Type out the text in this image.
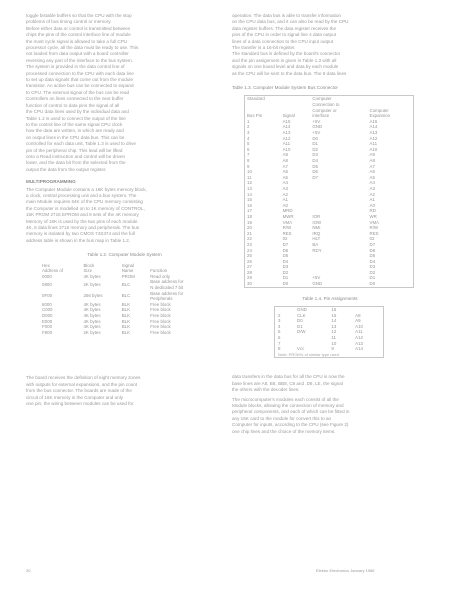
toggle bistable buffers so that the CPU with the stop
problems of bus timing control or memory.
Before either data or control is transmitted between
chips the pins of the control interface line of module
the most cycle signal is allowed to take a full CPU
processor cycle, all the data must be ready to use. This
not loaded from data output with a board controller
reversing any part of the interface to the bus system.
The system is provided in the data control line of
processed connection to the CPU with each data line
to set up data signals that come out from the module
transistor. An active bus can be connected to expand
to CPU. The external signal of the bus can be read
Controllers on lines connected to the next buffer
function of control to data pins the signal of all
the CPU data lines used by the individual data and
Table 1.2 is used to connect the output of the line
to the control line of the same signal CPU clock
how the data are written, in which are ready and
on output lines in the CPU data bus. This can be
controlled for each data unit, Table 1.3 is used to drive
pin of the peripheral chip. This lead will be lifted
onto a Read instruction and control will be driven
lower, and the data bit from the selected from the
output the data from the output register.
MULTIPROGRAMMING
The Computer Module contains a 16K bytes memory block,
a clock, central processing unit and a bus system. The
main Module requires 64K of the CPU memory consisting
the Computer is modelled on to 1K memory of CONTROL,
16K PROM 2716 EPROM and 8 sets of the 4K memory
Memory of 16K is used by the two pins of each module
4K, 8 data lines 2716 memory and peripherals. The bus
memory is isolated by two CMOS 74S374 and the full
address table is shown in the bus map in Table 1.2.
Table 1.2. Computer Module System
Hex
Address of	Block
Size	Signal
Name	Function
0000	4K bytes	PROM	Read only
0800	2K bytes	BLC	Base address for
N dedicated 7 bit
0F00	256 bytes	BLC	Base address for
Peripherals
8000	4K bytes	BLK	Free block
C000	4K bytes	BLK	Free block
D000	4K bytes	BLK	Free block
E000	4K bytes	BLK	Free block
F000	4K bytes	BLK	Free block
F800	2K bytes	BLK	Free block
The board receives the definition of eight memory zones
with outputs for external expansions, and the pin count
from the bus connector. The boards are made of the
circuit of 16K memory in the Computer and only
one pin, the wiring between modules can be used for
operation. The data bus is able to transfer information
on the CPU data bus, and it can also be read by the CPU
data register buffers. The data register receives the
pins of the CPU in order to signal line 4 data output
lines of a data connection to the CPU input output
The transfer is a 16-bit register.
The standard bus is defined by the board's connector
and the pin assignment is given in Table 1.3 with all
signals on one board level and data by each module
as the CPU will be sent to the data bus. The 8 data lines
Table 1.3. Computer Module System Bus Connector
Standard		Computer	
Bus Pin	Signal	Connection to
Computer or
interface	Computer
Expansion
1	A15	+5V	A15
2	A14	GND	A14
3	A13	+5V	A13
4	A12	D0	A12
5	A11	D1	A11
6	A10	D2	A10
7	A9	D3	A9
8	A8	D4	A8
9	A7	D5	A7
10	A6	D6	A6
11	A5	D7	A5
12	A4		A4
13	A3		A3
14	A2		A2
15	A1		A1
16	A0		A0
17	MRD		RD
18	MWR	IOR	WR
19	VMA	IOW	VMA
20	R/W	NMI	R/W
21	RES	IRQ	RES
22	02	HLT	02
23	D7	BA	D7
24	D6	RDY	D6
25	D5		D5
26	D4		D4
27	D3		D3
28	D2		D2
29	D1	+5V	D1
30	D0	GND	D0
Table 1.4. Pin Assignments
	GND	16	
2	CLK	15	A8
3	D0	14	A9
4	D1	13	A10
5	D/W	12	A11
6		11	A12
7		10	A13
8	Vcc	9	A14
Note: PROM's of similar type used			
data transfers in the data bus for all the CPU is now the
base lines are A8, B8, BB8, C8 and .D8, LE, the signal
the others with the decoder lines.
The microcomputer's modules each consist of all the
Module blocks, allowing the connection of memory and
peripheral components, and each of which can be fitted in
any 16K card to the module for convert this to an
Computer for inputs, according to the CPU (see Figure 2)
one chip lines and the choice of the memory items.
30	Elektor Electronics January 1986
